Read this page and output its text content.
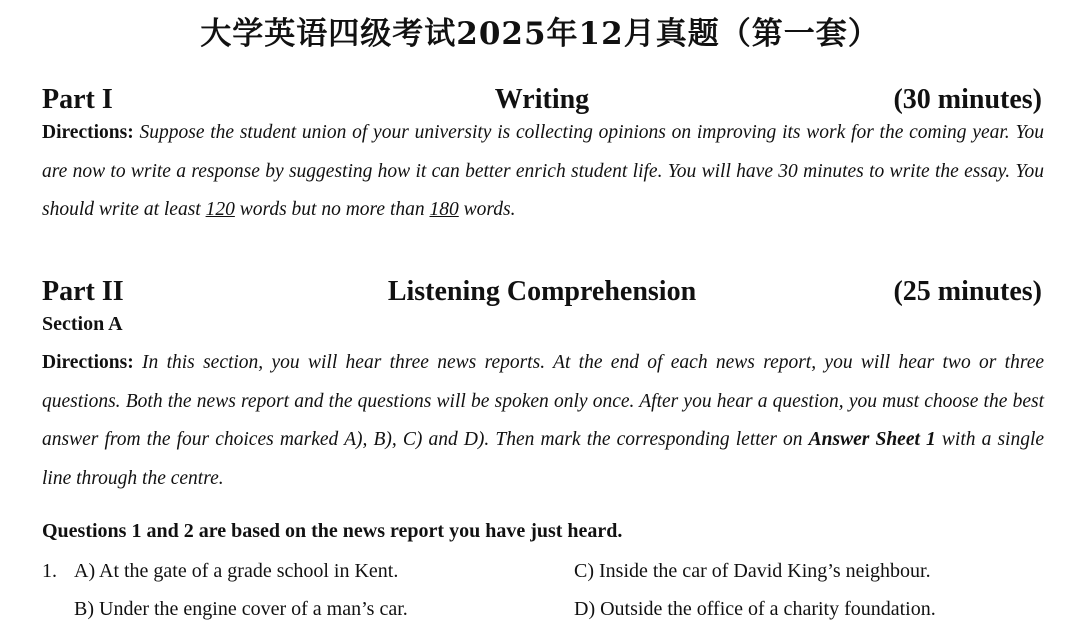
大学英语四级考试2025年12月真题（第一套）
Part I	Writing	(30 minutes)
Directions: Suppose the student union of your university is collecting opinions on improving its work for the coming year. You are now to write a response by suggesting how it can better enrich student life. You will have 30 minutes to write the essay. You should write at least 120 words but no more than 180 words.
Part II	Listening Comprehension	(25 minutes)
Section A
Directions: In this section, you will hear three news reports. At the end of each news report, you will hear two or three questions. Both the news report and the questions will be spoken only once. After you hear a question, you must choose the best answer from the four choices marked A), B), C) and D). Then mark the corresponding letter on Answer Sheet 1 with a single line through the centre.
Questions 1 and 2 are based on the news report you have just heard.
1. A) At the gate of a grade school in Kent.	C) Inside the car of David King’s neighbour.
B) Under the engine cover of a man’s car.	D) Outside the office of a charity foundation.
